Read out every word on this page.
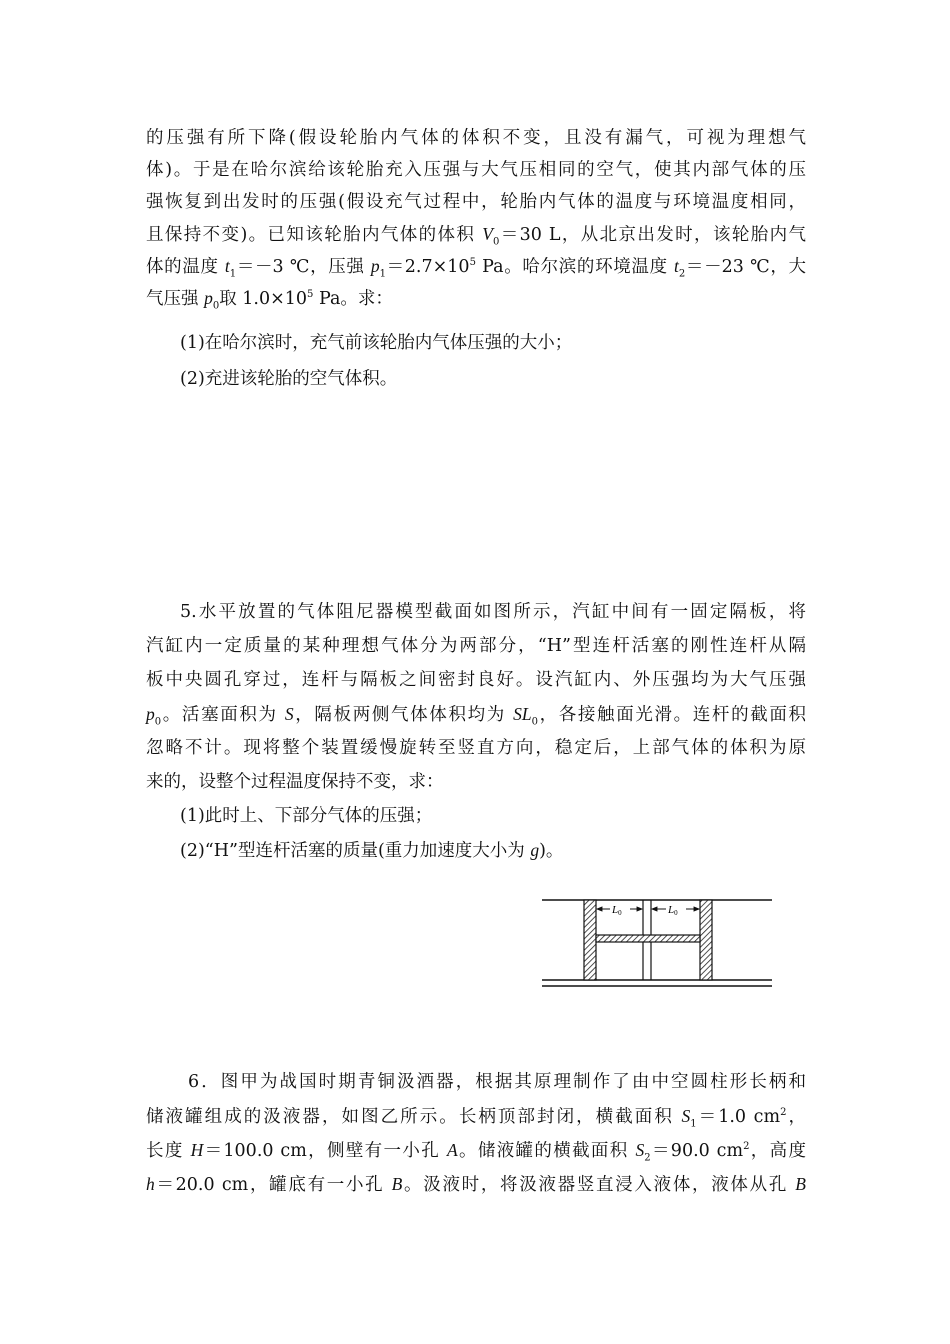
的压强有所下降(假设轮胎内气体的体积不变，且没有漏气，可视为理想气
体)。于是在哈尔滨给该轮胎充入压强与大气压相同的空气，使其内部气体的压
强恢复到出发时的压强(假设充气过程中，轮胎内气体的温度与环境温度相同，
且保持不变)。已知该轮胎内气体的体积 $V_0=30$ L，从北京出发时，该轮胎内气
体的温度 $t_1=-3$ ℃，压强 $p_1=2.7\times 10^5$ Pa。哈尔滨的环境温度 $t_2=-23$ ℃，大
气压强 $p_0$取 $1.0\times 10^5$ Pa。求：
(1)在哈尔滨时，充气前该轮胎内气体压强的大小；
(2)充进该轮胎的空气体积。
5.水平放置的气体阻尼器模型截面如图所示，汽缸中间有一固定隔板，将
汽缸内一定质量的某种理想气体分为两部分，“H”型连杆活塞的刚性连杆从隔
板中央圆孔穿过，连杆与隔板之间密封良好。设汽缸内、外压强均为大气压强
$p_0$。活塞面积为 S，隔板两侧气体体积均为 $SL_0$，各接触面光滑。连杆的截面积
忽略不计。现将整个装置缓慢旋转至竖直方向，稳定后，上部气体的体积为原
来的，设整个过程温度保持不变，求：
(1)此时上、下部分气体的压强；
(2)“H”型连杆活塞的质量(重力加速度大小为 g)。
L0	L0
6．图甲为战国时期青铜汲酒器，根据其原理制作了由中空圆柱形长柄和
储液罐组成的汲液器，如图乙所示。长柄顶部封闭，横截面积 $S_1=1.0$ $cm^2$，
长度 H＝100.0 cm，侧壁有一小孔 A。储液罐的横截面积 $S_2=90.0$ $cm^2$，高度
h＝20.0 cm，罐底有一小孔 B。汲液时，将汲液器竖直浸入液体，液体从孔 B
